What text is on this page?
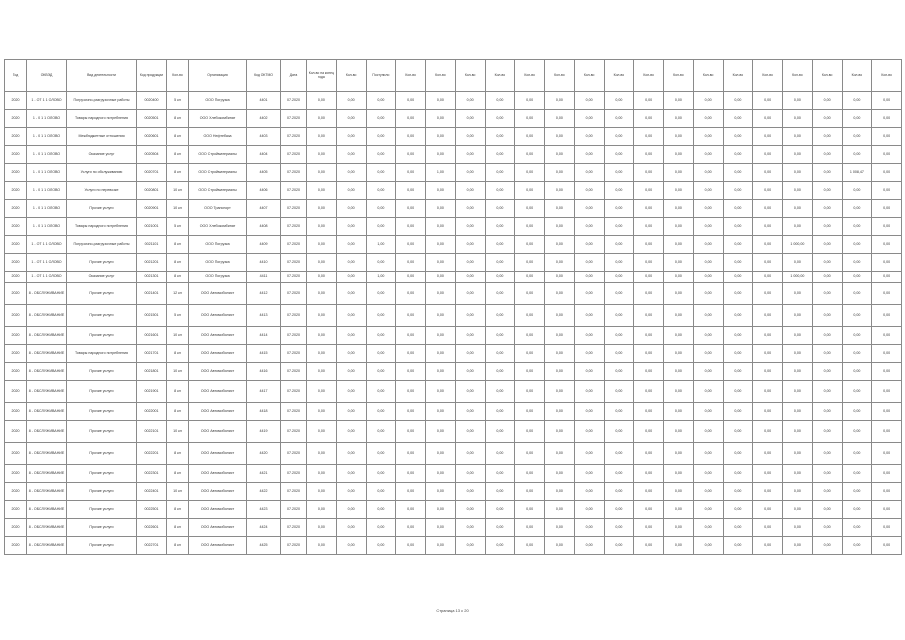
Год	ОКВЭД	Вид деятельности	Код продукции	Кол-во	Организация	Код ОКТМО	Дата	Кол-во на конец года	Кол-во	Поступило	Кол-во	Кол-во	Кол-во	Кол-во	Кол-во	Кол-во	Кол-во	Кол-во	Кол-во	Кол-во	Кол-во	Кол-во	Кол-во	Кол-во	Кол-во	Кол-во	Кол-во
2020	1 - ОТ 1 1 ОЛОВО	Погрузочно-разгрузочные работы	0020400	5 кл	ООО Погрузка	4401	07.2020	0,00	0,00	0,00	0,00	0,00	0,00	0,00	0,00	0,00	0,00	0,00	0,00	0,00	0,00	0,00	0,00	0,00	0,00	0,00	0,00
2020	1 - 0 1 1 ОЛОВО	Товары народного потребления	0020501	8 кл	ООО Хлебокомбинат	4402	07.2020	0,00	0,00	0,00	0,00	0,00	0,00	0,00	0,00	0,00	0,00	0,00	0,00	0,00	0,00	0,00	0,00	0,00	0,00	0,00	0,00
2020	1 - 0 1 1 ОЛОВО	Межбюджетные отношения	0020601	8 кл	ООО Нефтебаза	4403	07.2020	0,00	0,00	0,00	0,00	0,00	0,00	0,00	0,00	0,00	0,00	0,00	0,00	0,00	0,00	0,00	0,00	0,00	0,00	0,00	0,00
2020	1 - 0 1 1 ОЛОВО	Оказание услуг	0020504	8 кл	ООО Стройматериалы	4404	07.2020	0,00	0,00	0,00	0,00	0,00	0,00	0,00	0,00	0,00	0,00	0,00	0,00	0,00	0,00	0,00	0,00	0,00	0,00	0,00	0,00
2020	1 - 0 1 1 ОЛОВО	Услуги по обслуживанию	0020701	8 кл	ООО Стройматериалы	4405	07.2020	0,00	0,00	0,00	0,00	1,00	0,00	0,00	0,00	0,00	0,00	0,00	0,00	0,00	0,00	0,00	0,00	0,00	0,00	1 008,47	0,00
2020	1 - 0 1 1 ОЛОВО	Услуги по перевозке	0020801	10 кл	ООО Стройматериалы	4406	07.2020	0,00	0,00	0,00	0,00	0,00	0,00	0,00	0,00	0,00	0,00	0,00	0,00	0,00	0,00	0,00	0,00	0,00	0,00	0,00	0,00
2020	1 - 0 1 1 ОЛОВО	Прочие услуги	0020901	10 кл	ООО Транспорт	4407	07.2020	0,00	0,00	0,00	0,00	0,00	0,00	0,00	0,00	0,00	0,00	0,00	0,00	0,00	0,00	0,00	0,00	0,00	0,00	0,00	0,00
2020	1 - 0 1 1 ОЛОВО	Товары народного потребления	0021001	5 кл	ООО Хлебокомбинат	4408	07.2020	0,00	0,00	0,00	0,00	0,00	0,00	0,00	0,00	0,00	0,00	0,00	0,00	0,00	0,00	0,00	0,00	0,00	0,00	0,00	0,00
2020	1 - ОТ 1 1 ОЛОВО	Погрузочно-разгрузочные работы	0021101	8 кл	ООО Погрузка	4409	07.2020	0,00	0,00	1,00	0,00	0,00	0,00	0,00	0,00	0,00	0,00	0,00	0,00	0,00	0,00	0,00	0,00	1 000,00	0,00	0,00	0,00
2020	1 - ОТ 1 1 ОЛОВО	Прочие услуги	0021201	8 кл	ООО Погрузка	4410	07.2020	0,00	0,00	0,00	0,00	0,00	0,00	0,00	0,00	0,00	0,00	0,00	0,00	0,00	0,00	0,00	0,00	0,00	0,00	0,00	0,00
2020	1 - ОТ 1 1 ОЛОВО	Оказание услуг	0021301	8 кл	ООО Погрузка	4411	07.2020	0,00	0,00	1,00	0,00	0,00	0,00	0,00	0,00	0,00	0,00	0,00	0,00	0,00	0,00	0,00	0,00	1 000,00	0,00	0,00	0,00
2020	8 - ОБСЛУЖИВАНИЕ	Прочие услуги	0021401	12 кл	ООО Автомобилист	4412	07.2020	0,00	0,00	0,00	0,00	0,00	0,00	0,00	0,00	0,00	0,00	0,00	0,00	0,00	0,00	0,00	0,00	0,00	0,00	0,00	0,00
2020	8 - ОБСЛУЖИВАНИЕ	Прочие услуги	0021501	5 кл	ООО Автомобилист	4413	07.2020	0,00	0,00	0,00	0,00	0,00	0,00	0,00	0,00	0,00	0,00	0,00	0,00	0,00	0,00	0,00	0,00	0,00	0,00	0,00	0,00
2020	8 - ОБСЛУЖИВАНИЕ	Прочие услуги	0021601	10 кл	ООО Автомобилист	4414	07.2020	0,00	0,00	0,00	0,00	0,00	0,00	0,00	0,00	0,00	0,00	0,00	0,00	0,00	0,00	0,00	0,00	0,00	0,00	0,00	0,00
2020	8 - ОБСЛУЖИВАНИЕ	Товары народного потребления	0021701	8 кл	ООО Автомобилист	4415	07.2020	0,00	0,00	0,00	0,00	0,00	0,00	0,00	0,00	0,00	0,00	0,00	0,00	0,00	0,00	0,00	0,00	0,00	0,00	0,00	0,00
2020	8 - ОБСЛУЖИВАНИЕ	Прочие услуги	0021801	10 кл	ООО Автомобилист	4416	07.2020	0,00	0,00	0,00	0,00	0,00	0,00	0,00	0,00	0,00	0,00	0,00	0,00	0,00	0,00	0,00	0,00	0,00	0,00	0,00	0,00
2020	8 - ОБСЛУЖИВАНИЕ	Прочие услуги	0021901	8 кл	ООО Автомобилист	4417	07.2020	0,00	0,00	0,00	0,00	0,00	0,00	0,00	0,00	0,00	0,00	0,00	0,00	0,00	0,00	0,00	0,00	0,00	0,00	0,00	0,00
2020	8 - ОБСЛУЖИВАНИЕ	Прочие услуги	0022001	8 кл	ООО Автомобилист	4418	07.2020	0,00	0,00	0,00	0,00	0,00	0,00	0,00	0,00	0,00	0,00	0,00	0,00	0,00	0,00	0,00	0,00	0,00	0,00	0,00	0,00
2020	8 - ОБСЛУЖИВАНИЕ	Прочие услуги	0022101	10 кл	ООО Автомобилист	4419	07.2020	0,00	0,00	0,00	0,00	0,00	0,00	0,00	0,00	0,00	0,00	0,00	0,00	0,00	0,00	0,00	0,00	0,00	0,00	0,00	0,00
2020	8 - ОБСЛУЖИВАНИЕ	Прочие услуги	0022201	8 кл	ООО Автомобилист	4420	07.2020	0,00	0,00	0,00	0,00	0,00	0,00	0,00	0,00	0,00	0,00	0,00	0,00	0,00	0,00	0,00	0,00	0,00	0,00	0,00	0,00
2020	8 - ОБСЛУЖИВАНИЕ	Прочие услуги	0022301	8 кл	ООО Автомобилист	4421	07.2020	0,00	0,00	0,00	0,00	0,00	0,00	0,00	0,00	0,00	0,00	0,00	0,00	0,00	0,00	0,00	0,00	0,00	0,00	0,00	0,00
2020	8 - ОБСЛУЖИВАНИЕ	Прочие услуги	0022401	10 кл	ООО Автомобилист	4422	07.2020	0,00	0,00	0,00	0,00	0,00	0,00	0,00	0,00	0,00	0,00	0,00	0,00	0,00	0,00	0,00	0,00	0,00	0,00	0,00	0,00
2020	8 - ОБСЛУЖИВАНИЕ	Прочие услуги	0022501	8 кл	ООО Автомобилист	4423	07.2020	0,00	0,00	0,00	0,00	0,00	0,00	0,00	0,00	0,00	0,00	0,00	0,00	0,00	0,00	0,00	0,00	0,00	0,00	0,00	0,00
2020	8 - ОБСЛУЖИВАНИЕ	Прочие услуги	0022601	8 кл	ООО Автомобилист	4424	07.2020	0,00	0,00	0,00	0,00	0,00	0,00	0,00	0,00	0,00	0,00	0,00	0,00	0,00	0,00	0,00	0,00	0,00	0,00	0,00	0,00
2020	8 - ОБСЛУЖИВАНИЕ	Прочие услуги	0022701	8 кл	ООО Автомобилист	4425	07.2020	0,00	0,00	0,00	0,00	0,00	0,00	0,00	0,00	0,00	0,00	0,00	0,00	0,00	0,00	0,00	0,00	0,00	0,00	0,00	0,00
Страница 13 с 20
